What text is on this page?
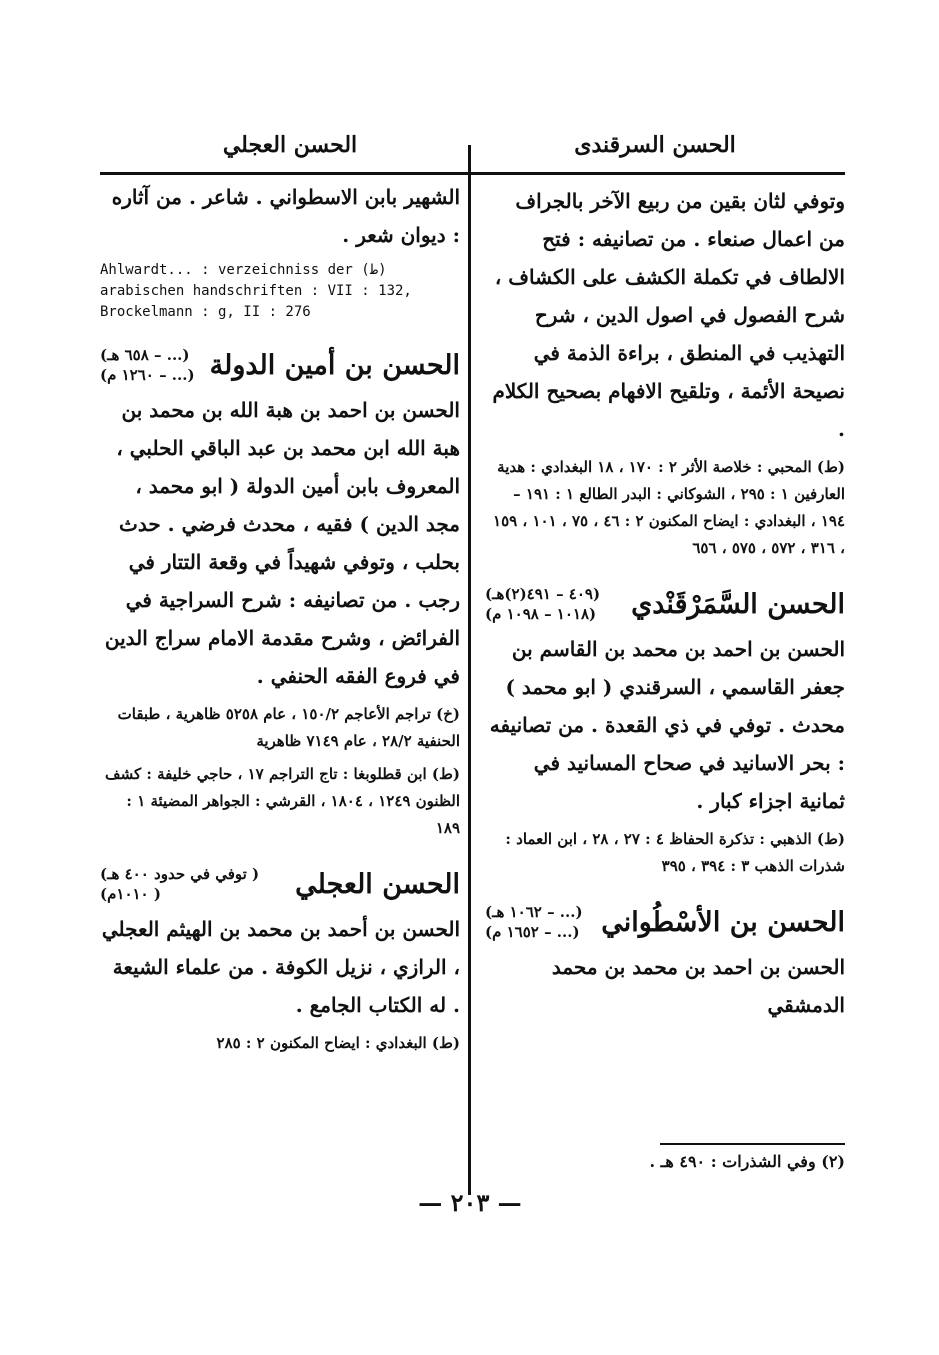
الحسن السرقندى
الحسن العجلي

وتوفي لثان بقين من ربيع الآخر بالجراف من اعمال صنعاء . من تصانيفه : فتح الالطاف في تكملة الكشف على الكشاف ، شرح الفصول في اصول الدين ، شرح التهذيب في المنطق ، براءة الذمة في نصيحة الأئمة ، وتلقيح الافهام بصحيح الكلام .

(ط) المحبي : خلاصة الأثر ٢ : ١٧٠ ، ١٨ البغدادي : هدية العارفين ١ : ٢٩٥ ، الشوكاني : البدر الطالع ١ : ١٩١ – ١٩٤ ، البغدادي : ايضاح المكنون ٢ : ٤٦ ، ٧٥ ، ١٠١ ، ١٥٩ ، ٣١٦ ، ٥٧٢ ، ٥٧٥ ، ٦٥٦

الحسن السَّمَرْقَنْدي
(٤٠٩ – ٤٩١(٢)هـ)
(١٠١٨ – ١٠٩٨ م)

الحسن بن احمد بن محمد بن القاسم بن جعفر القاسمي ، السرقندي ( ابو محمد ) محدث . توفي في ذي القعدة . من تصانيفه : بحر الاسانيد في صحاح المسانيد في ثمانية اجزاء كبار .

(ط) الذهبي : تذكرة الحفاظ ٤ : ٢٧ ، ٢٨ ، ابن العماد : شذرات الذهب ٣ : ٣٩٤ ، ٣٩٥

الحسن بن الأسْطُواني
(... – ١٠٦٢ هـ)
(... – ١٦٥٢ م)

الحسن بن احمد بن محمد بن محمد الدمشقي

الشهير بابن الاسطواني . شاعر . من آثاره : ديوان شعر .

Ahlwardt... : verzeichniss der (ط)
arabischen handschriften : VII : 132,
Brockelmann : g, II : 276
الحسن بن أمين الدولة
(... – ٦٥٨ هـ)
(... – ١٢٦٠ م)

الحسن بن احمد بن هبة الله بن محمد بن هبة الله ابن محمد بن عبد الباقي الحلبي ، المعروف بابن أمين الدولة ( ابو محمد ، مجد الدين ) فقيه ، محدث فرضي . حدث بحلب ، وتوفي شهيداً في وقعة التتار في رجب . من تصانيفه : شرح السراجية في الفرائض ، وشرح مقدمة الامام سراج الدين في فروع الفقه الحنفي .

(خ) تراجم الأعاجم ١٥٠/٢ ، عام ٥٢٥٨ ظاهرية ، طبقات الحنفية ٢٨/٢ ، عام ٧١٤٩ ظاهرية

(ط) ابن قطلوبغا : تاج التراجم ١٧ ، حاجي خليفة : كشف الظنون ١٢٤٩ ، ١٨٠٤ ، القرشي : الجواهر المضيئة ١ : ١٨٩

الحسن العجلي
( توفي في حدود ٤٠٠ هـ)
( ١٠١٠م)

الحسن بن أحمد بن محمد بن الهيثم العجلي ، الرازي ، نزيل الكوفة . من علماء الشيعة . له الكتاب الجامع .

(ط) البغدادي : ايضاح المكنون ٢ : ٢٨٥

(٢) وفي الشذرات : ٤٩٠ هـ .
— ٢٠٣ —
